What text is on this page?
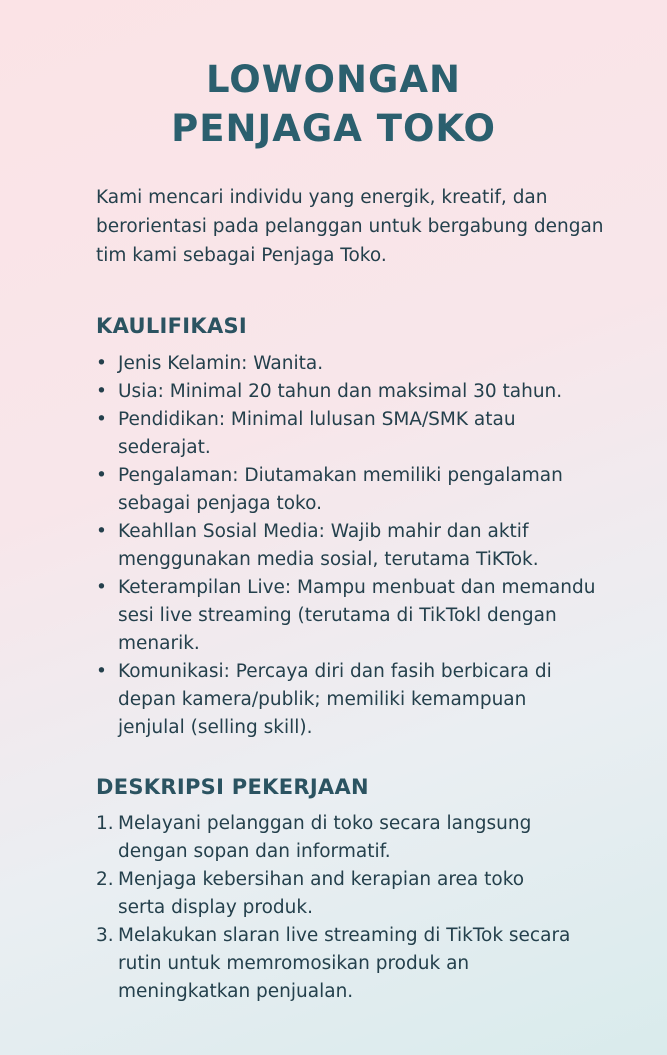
LOWONGAN
PENJAGA TOKO

Kami mencari individu yang energik, kreatif, dan berorientasi pada pelanggan untuk bergabung dengan tim kami sebagai Penjaga Toko.

KAULIFIKASI
• Jenis Kelamin: Wanita.
• Usia: Minimal 20 tahun dan maksimal 30 tahun.
• Pendidikan: Minimal lulusan SMA/SMK atau sederajat.
• Pengalaman: Diutamakan memiliki pengalaman sebagai penjaga toko.
• Keahllan Sosial Media: Wajib mahir dan aktif menggunakan media sosial, terutama TiKTok.
• Keterampilan Live: Mampu menbuat dan memandu sesi live streaming (terutama di TikTokl dengan menarik.
• Komunikasi: Percaya diri dan fasih berbicara di depan kamera/publik; memiliki kemampuan jenjulal (selling skill).
DESKRIPSI PEKERJAAN
1. Melayani pelanggan di toko secara langsung dengan sopan dan informatif.
2. Menjaga kebersihan and kerapian area toko serta display produk.
3. Melakukan slaran live streaming di TikTok secara rutin untuk memromosikan produk an meningkatkan penjualan.
